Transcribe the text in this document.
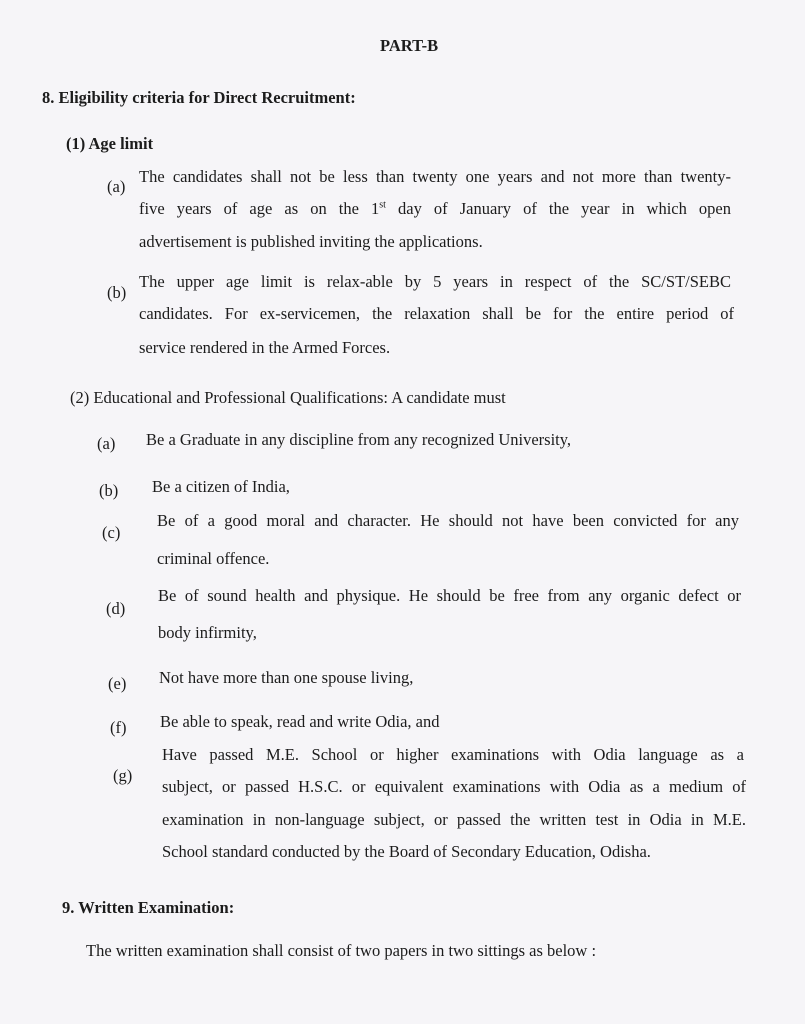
PART-B
8. Eligibility criteria for Direct Recruitment:
(1) Age limit
(a)
The candidates shall not be less than twenty one years and not more than twenty-
five years of age as on the 1st day of January of the year in which open
advertisement is published inviting the applications.
(b)
The upper age limit is relax-able by 5 years in respect of the SC/ST/SEBC
candidates. For ex-servicemen, the relaxation shall be for the entire period of
service rendered in the Armed Forces.
(2) Educational and Professional Qualifications: A candidate must
(a) Be a Graduate in any discipline from any recognized University,
(b) Be a citizen of India,
(c)
Be of a good moral and character. He should not have been convicted for any
criminal offence.
(d)
Be of sound health and physique. He should be free from any organic defect or
body infirmity,
(e) Not have more than one spouse living,
(f) Be able to speak, read and write Odia, and
(g)
Have passed M.E. School or higher examinations with Odia language as a
subject, or passed H.S.C. or equivalent examinations with Odia as a medium of
examination in non-language subject, or passed the written test in Odia in M.E.
School standard conducted by the Board of Secondary Education, Odisha.
9. Written Examination:
The written examination shall consist of two papers in two sittings as below :
